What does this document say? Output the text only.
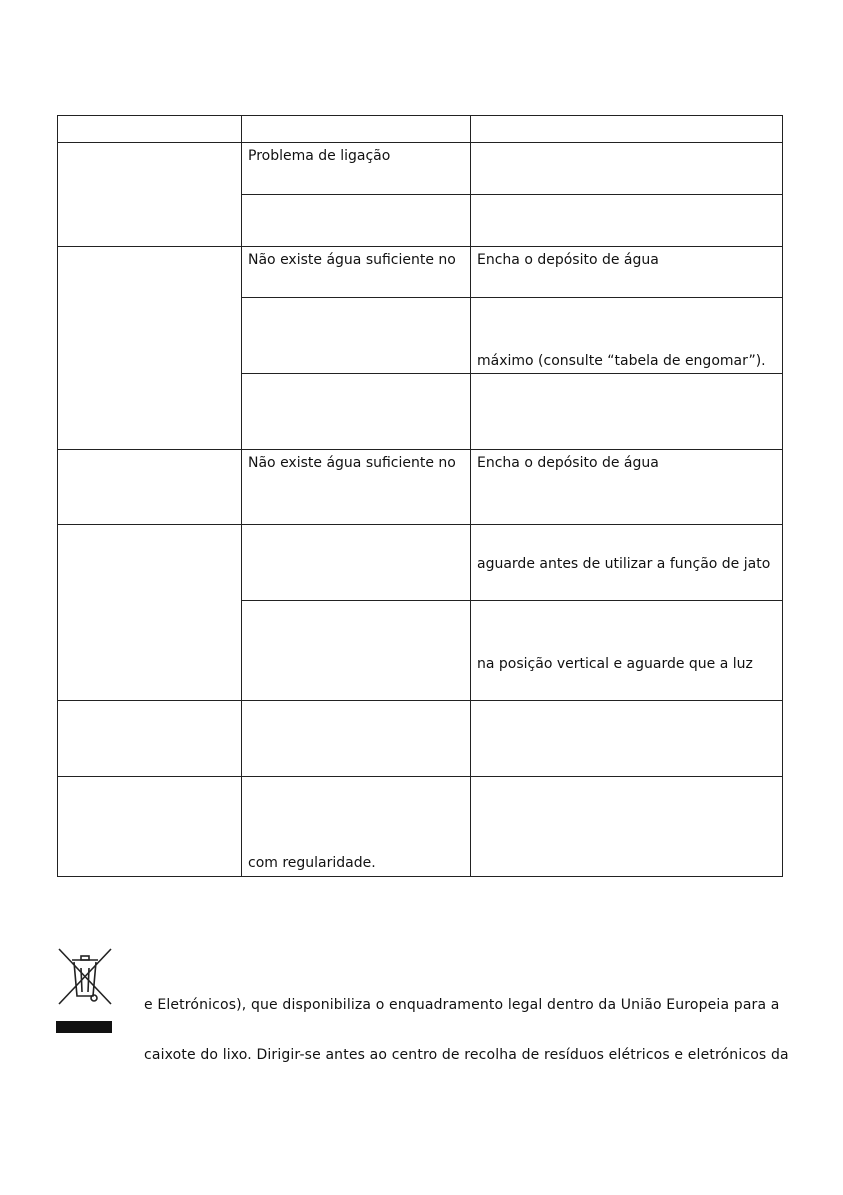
	Problema de ligação	

	Não existe água suficiente no	Encha o depósito de água
		máximo (consulte “tabela de engomar”).

	Não existe água suficiente no	Encha o depósito de água
		aguarde antes de utilizar a função de jato
		na posição vertical e aguarde que a luz

	com regularidade.	
e Eletrónicos), que disponibiliza o enquadramento legal dentro da União Europeia para a
caixote do lixo. Dirigir-se antes ao centro de recolha de resíduos elétricos e eletrónicos da
